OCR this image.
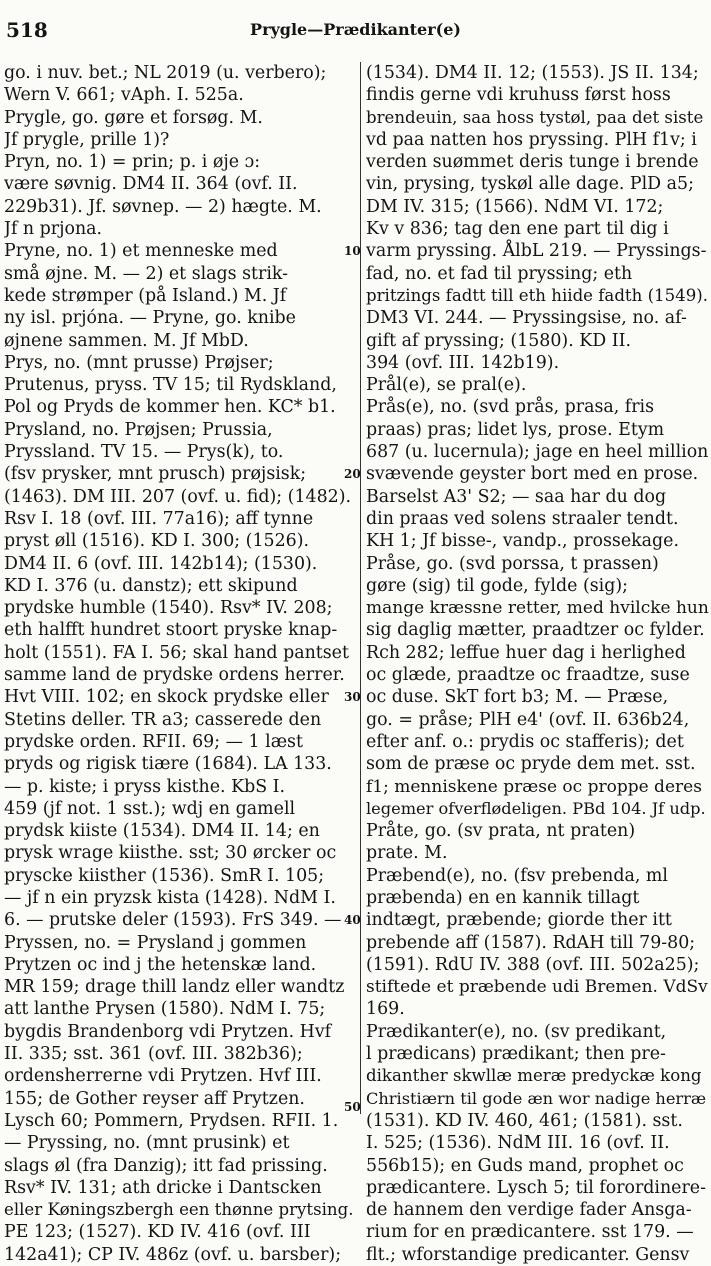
518	Prygle—Prædikanter(e)
go. i nuv. bet.; NL 2019 (u. verbero);
Wern V. 661; vAph. I. 525a.
Prygle, go. gøre et forsøg. M.
Jf prygle, prille 1)?
Pryn, no. 1) = prin; p. i øje ɔ:
være søvnig. DM4 II. 364 (ovf. II.
229b31). Jf. søvnep. — 2) hægte. M.
Jf n prjona.
Pryne, no. 1) et menneske med
små øjne. M. — 2) et slags strik-
kede strømper (på Island.) M. Jf
ny isl. prjóna. — Pryne, go. knibe
øjnene sammen. M. Jf MbD.
Prys, no. (mnt prusse) Prøjser;
Prutenus, pryss. TV 15; til Rydskland,
Pol og Pryds de kommer hen. KC* b1.
Prysland, no. Prøjsen; Prussia,
Pryssland. TV 15. — Prys(k), to.
(fsv prysker, mnt prusch) prøjsisk;
(1463). DM III. 207 (ovf. u. fid); (1482).
Rsv I. 18 (ovf. III. 77a16); aff tynne
pryst øll (1516). KD I. 300; (1526).
DM4 II. 6 (ovf. III. 142b14); (1530).
KD I. 376 (u. danstz); ett skipund
prydske humble (1540). Rsv* IV. 208;
eth halfft hundret stoort pryske knap-
holt (1551). FA I. 56; skal hand pantset
samme land de prydske ordens herrer.
Hvt VIII. 102; en skock prydske eller
Stetins deller. TR a3; casserede den
prydske orden. RFII. 69; — 1 læst
pryds og rigisk tiære (1684). LA 133.
— p. kiste; i pryss kisthe. KbS I.
459 (jf not. 1 sst.); wdj en gamell
prydsk kiiste (1534). DM4 II. 14; en
prysk wrage kiisthe. sst; 30 ørcker oc
prysckе kiisther (1536). SmR I. 105;
— jf n ein pryzsk kista (1428). NdM I.
6. — prutske deler (1593). FrS 349. —
Pryssen, no. = Prysland j gommen
Prytzen oc ind j the hetenskæ land.
MR 159; drage thill landz eller wandtz
att lanthe Prysen (1580). NdM I. 75;
bygdis Brandenborg vdi Prytzen. Hvf
II. 335; sst. 361 (ovf. III. 382b36);
ordensherrerne vdi Prytzen. Hvf III.
155; de Gother reyser aff Prytzen.
Lysch 60; Pommern, Prydsen. RFII. 1.
— Pryssing, no. (mnt prusink) et
slags øl (fra Danzig); itt fad prissing.
Rsv* IV. 131; ath dricke i Dantscken
eller Køningszbergh een thønne prytsing.
PE 123; (1527). KD IV. 416 (ovf. III
142a41); CP IV. 486z (ovf. u. barsber);
(1534). DM4 II. 12; (1553). JS II. 134;
findis gerne vdi kruhuss først hoss
brendeuin, saa hoss tystøl, paa det siste
vd paa natten hos pryssing. PlH f1v; i
verden suømmet deris tunge i brende
vin, prysing, tyskøl alle dage. PlD a5;
DM IV. 315; (1566). NdM VI. 172;
Kv v 836; tag den ene part til dig i
varm pryssing. ÅlbL 219. — Pryssings-
fad, no. et fad til pryssing; eth
pritzings fadtt till eth hiide fadth (1549).
DM3 VI. 244. — Pryssingsise, no. af-
gift af pryssing; (1580). KD II.
394 (ovf. III. 142b19).
Prål(e), se pral(e).
Prås(e), no. (svd prås, prasa, fris
praas) pras; lidet lys, prose. Etym
687 (u. lucernula); jage en heel million
svævende geyster bort med en prose.
Barselst A3' S2; — saa har du dog
din praas ved solens straaler tendt.
KH 1; Jf bisse-, vandp., prossekage.
Pråse, go. (svd porssa, t prassen)
gøre (sig) til gode, fylde (sig);
mange kræssne retter, med hvilcke hun
sig daglig mætter, praadtzer oc fylder.
Rch 282; leffue huer dag i herlighed
oc glæde, praadtze oc fraadtze, suse
oc duse. SkT fort b3; M. — Præse,
go. = pråse; PlH e4' (ovf. II. 636b24,
efter anf. o.: prydis oc stafferis); det
som de præse oc pryde dem met. sst.
f1; menniskene præse oc proppe deres
legemer ofverflødeligen. PBd 104. Jf udp.
Pråte, go. (sv prata, nt praten)
prate. M.
Præbend(e), no. (fsv prebenda, ml
præbenda) en en kannik tillagt
indtægt, præbende; giorde ther itt
prebende aff (1587). RdAH till 79-80;
(1591). RdU IV. 388 (ovf. III. 502a25);
stiftede et præbende udi Bremen. VdSv
169.
Prædikanter(e), no. (sv predikant,
l prædicans) prædikant; then pre-
dikanther skwllæ meræ predyckæ kong
Christiærn til gode æn wor nadige herræ
(1531). KD IV. 460, 461; (1581). sst.
I. 525; (1536). NdM III. 16 (ovf. II.
556b15); en Guds mand, prophet oc
prædicantere. Lysch 5; til forordinere-
de hannem den verdige fader Ansga-
rium for en prædicantere. sst 179. —
flt.; wforstandige predicanter. Gensv
10
20
30
40
50
